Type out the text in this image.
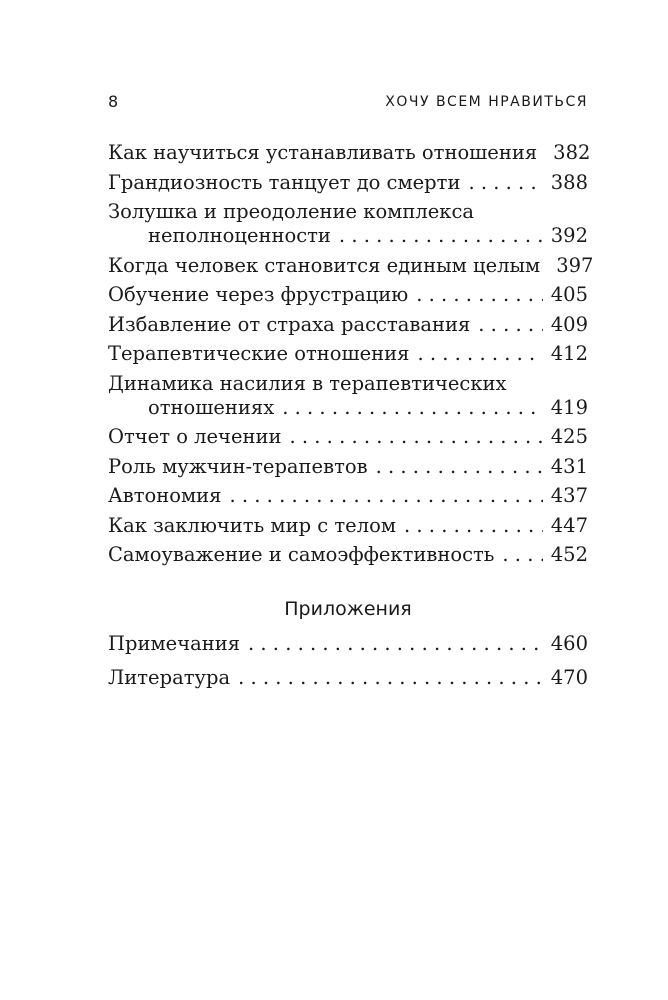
8	ХОЧУ ВСЕМ НРАВИТЬСЯ
Как научиться устанавливать отношения 382
Грандиозность танцует до смерти . . .	388
Золушка и преодоление комплекса
неполноценности . . .	392
Когда человек становится единым целым 397
Обучение через фрустрацию . . .	405
Избавление от страха расставания . . .	409
Терапевтические отношения . . .	412
Динамика насилия в терапевтических
отношениях . . .	419
Отчет о лечении . . .	425
Роль мужчин-терапевтов . . .	431
Автономия . . .	437
Как заключить мир с телом . . .	447
Самоуважение и самоэффективность . . .	452
Приложения
Примечания . . .	460
Литература . . .	470
